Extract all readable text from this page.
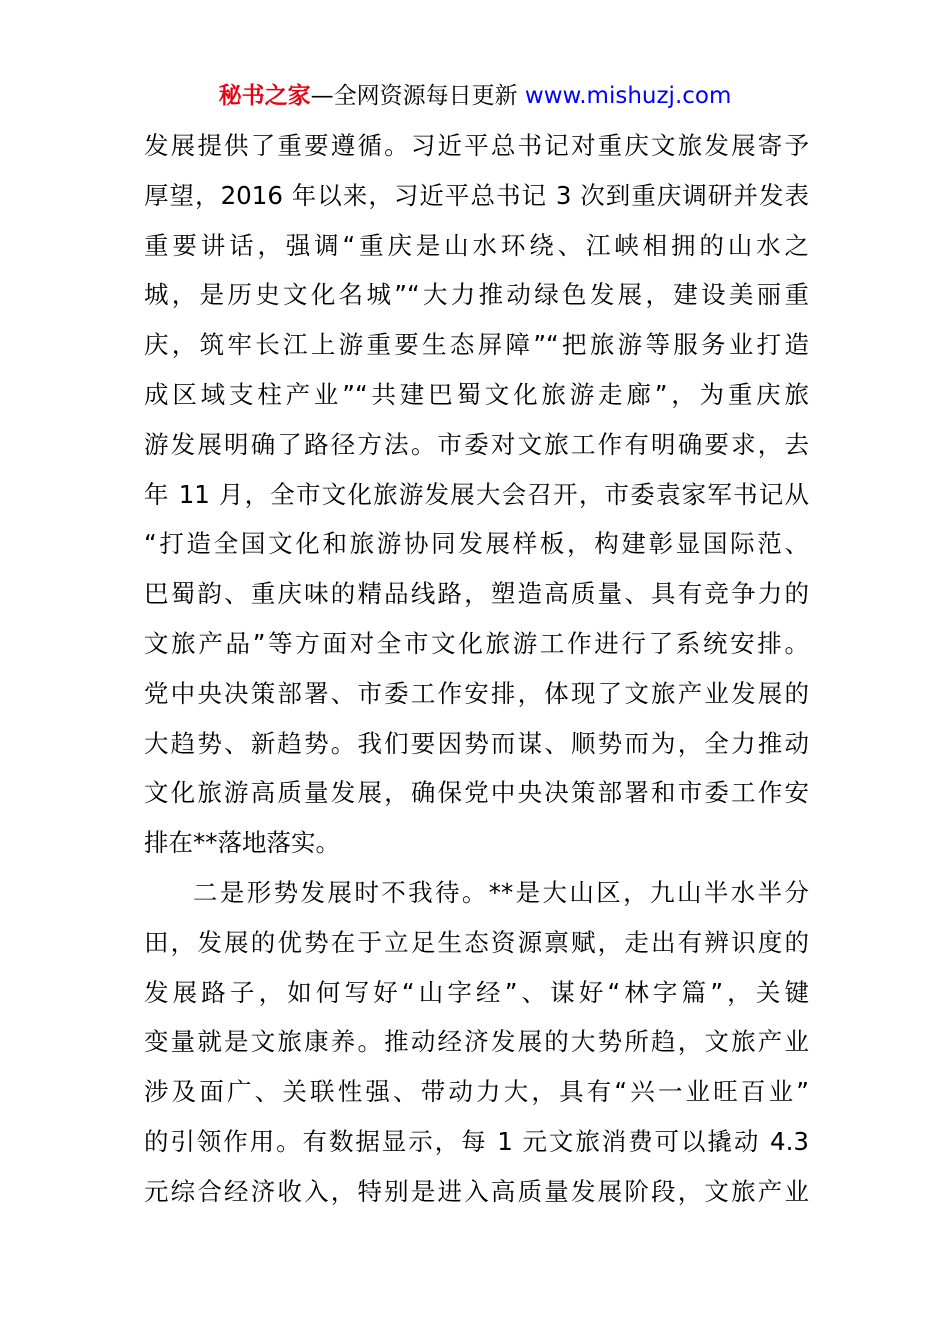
秘书之家—全网资源每日更新 www.mishuzj.com
发展提供了重要遵循。习近平总书记对重庆文旅发展寄予
厚望，2016 年以来，习近平总书记 3 次到重庆调研并发表
重要讲话，强调“重庆是山水环绕、江峡相拥的山水之
城，是历史文化名城”“大力推动绿色发展，建设美丽重
庆，筑牢长江上游重要生态屏障”“把旅游等服务业打造
成区域支柱产业”“共建巴蜀文化旅游走廊”，为重庆旅
游发展明确了路径方法。市委对文旅工作有明确要求，去
年 11 月，全市文化旅游发展大会召开，市委袁家军书记从
“打造全国文化和旅游协同发展样板，构建彰显国际范、
巴蜀韵、重庆味的精品线路，塑造高质量、具有竞争力的
文旅产品”等方面对全市文化旅游工作进行了系统安排。
党中央决策部署、市委工作安排，体现了文旅产业发展的
大趋势、新趋势。我们要因势而谋、顺势而为，全力推动
文化旅游高质量发展，确保党中央决策部署和市委工作安
排在**落地落实。
二是形势发展时不我待。**是大山区，九山半水半分
田，发展的优势在于立足生态资源禀赋，走出有辨识度的
发展路子，如何写好“山字经”、谋好“林字篇”，关键
变量就是文旅康养。推动经济发展的大势所趋，文旅产业
涉及面广、关联性强、带动力大，具有“兴一业旺百业”
的引领作用。有数据显示，每 1 元文旅消费可以撬动 4.3
元综合经济收入，特别是进入高质量发展阶段，文旅产业
